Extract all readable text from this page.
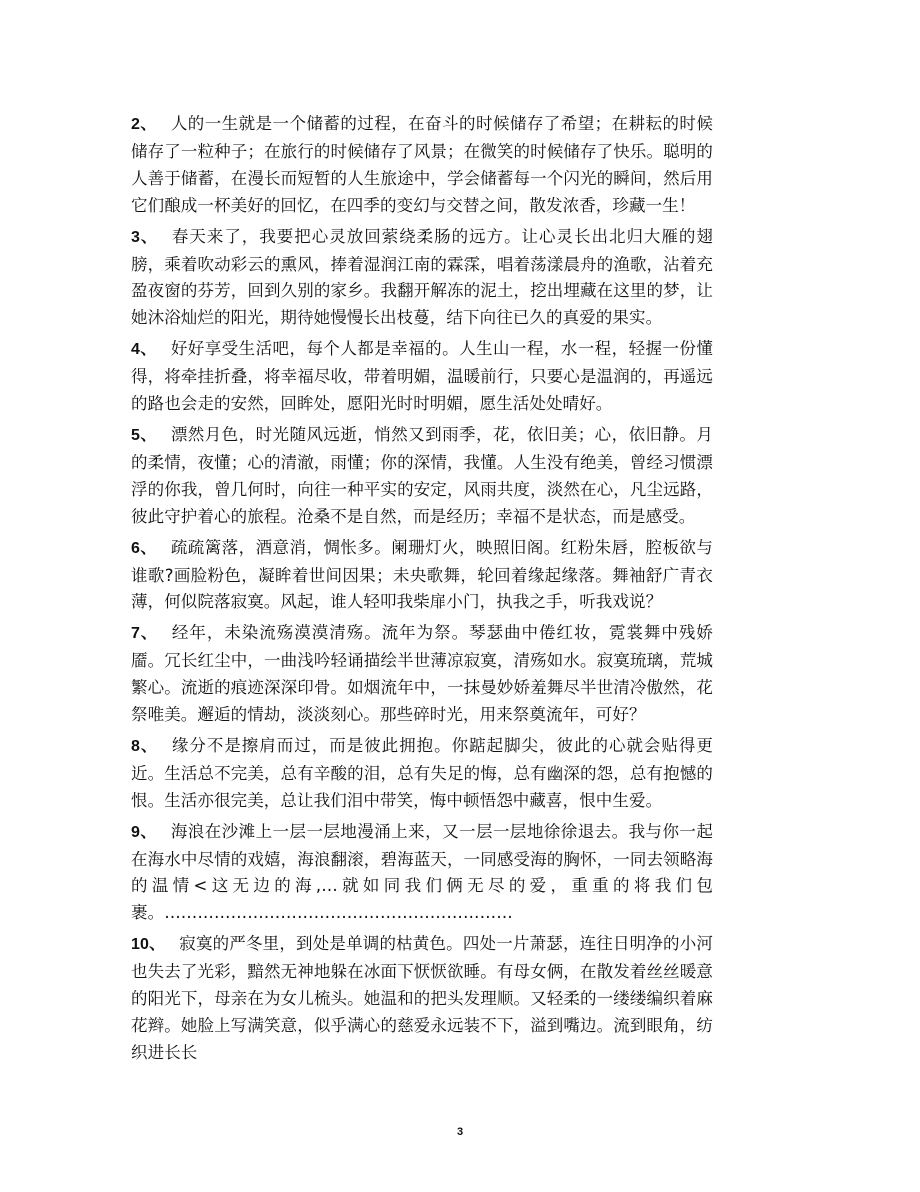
2、 人的一生就是一个储蓄的过程，在奋斗的时候储存了希望；在耕耘的时候储存了一粒种子；在旅行的时候储存了风景；在微笑的时候储存了快乐。聪明的人善于储蓄，在漫长而短暂的人生旅途中，学会储蓄每一个闪光的瞬间，然后用它们酿成一杯美好的回忆，在四季的变幻与交替之间，散发浓香，珍藏一生！

3、 春天来了，我要把心灵放回萦绕柔肠的远方。让心灵长出北归大雁的翅膀，乘着吹动彩云的熏风，捧着湿润江南的霖霂，唱着荡漾晨舟的渔歌，沾着充盈夜窗的芬芳，回到久别的家乡。我翻开解冻的泥土，挖出埋藏在这里的梦，让她沐浴灿烂的阳光，期待她慢慢长出枝蔓，结下向往已久的真爱的果实。

4、 好好享受生活吧，每个人都是幸福的。人生山一程，水一程，轻握一份懂得，将牵挂折叠，将幸福尽收，带着明媚，温暖前行，只要心是温润的，再遥远的路也会走的安然，回眸处，愿阳光时时明媚，愿生活处处晴好。

5、 漂然月色，时光随风远逝，悄然又到雨季，花，依旧美；心，依旧静。月的柔情，夜懂；心的清澈，雨懂；你的深情，我懂。人生没有绝美，曾经习惯漂浮的你我，曾几何时，向往一种平实的安定，风雨共度，淡然在心，凡尘远路，彼此守护着心的旅程。沧桑不是自然，而是经历；幸福不是状态，而是感受。

6、 疏疏篱落，酒意消，惆怅多。阑珊灯火，映照旧阁。红粉朱唇，腔板欲与谁歌?画脸粉色，凝眸着世间因果；未央歌舞，轮回着缘起缘落。舞袖舒广青衣薄，何似院落寂寞。风起，谁人轻叩我柴扉小门，执我之手，听我戏说？

7、 经年，未染流殇漠漠清殇。流年为祭。琴瑟曲中倦红妆，霓裳舞中残娇靥。冗长红尘中，一曲浅吟轻诵描绘半世薄凉寂寞，清殇如水。寂寞琉璃，荒城繁心。流逝的痕迹深深印骨。如烟流年中，一抹曼妙娇羞舞尽半世清冷傲然，花祭唯美。邂逅的情劫，淡淡刻心。那些碎时光，用来祭奠流年，可好？

8、 缘分不是擦肩而过，而是彼此拥抱。你踮起脚尖，彼此的心就会贴得更近。生活总不完美，总有辛酸的泪，总有失足的悔，总有幽深的怨，总有抱憾的恨。生活亦很完美，总让我们泪中带笑，悔中顿悟怨中藏喜，恨中生爱。

9、 海浪在沙滩上一层一层地漫涌上来，又一层一层地徐徐退去。我与你一起在海水中尽情的戏嬉，海浪翻滚，碧海蓝天，一同感受海的胸怀，一同去领略海的温情<这无边的海,…就如同我们俩无尽的爱，重重的将我们包裹。………………………………………………………

10、 寂寞的严冬里，到处是单调的枯黄色。四处一片萧瑟，连往日明净的小河也失去了光彩，黯然无神地躲在冰面下恹恹欲睡。有母女俩，在散发着丝丝暖意的阳光下，母亲在为女儿梳头。她温和的把头发理顺。又轻柔的一缕缕编织着麻花辫。她脸上写满笑意，似乎满心的慈爱永远装不下，溢到嘴边。流到眼角，纺织进长长

3
